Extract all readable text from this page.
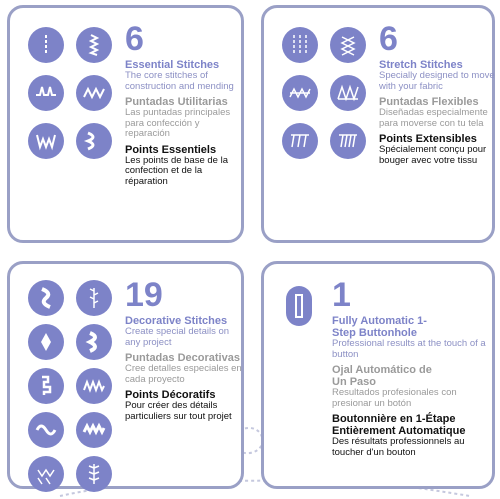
6
Essential Stitches
The core stitches of construction and mending
Puntadas Utilitarias
Las puntadas principales para confección y reparación
Points Essentiels
Les points de base de la confection et de la réparation
6
Stretch Stitches
Specially designed to move with your fabric
Puntadas Flexibles
Diseñadas especialmente para moverse con tu tela
Points Extensibles
Spécialement conçu pour bouger avec votre tissu
19
Decorative Stitches
Create special details on any project
Puntadas Decorativas
Cree detalles especiales en cada proyecto
Points Décoratifs
Pour créer des détails particuliers sur tout projet
1
Fully Automatic 1-Step Buttonhole
Professional results at the touch of a button
Ojal Automático de Un Paso
Resultados profesionales con presionar un botón
Boutonnière en 1-Étape Entièrement Automatique
Des résultats professionnels au toucher d'un bouton
